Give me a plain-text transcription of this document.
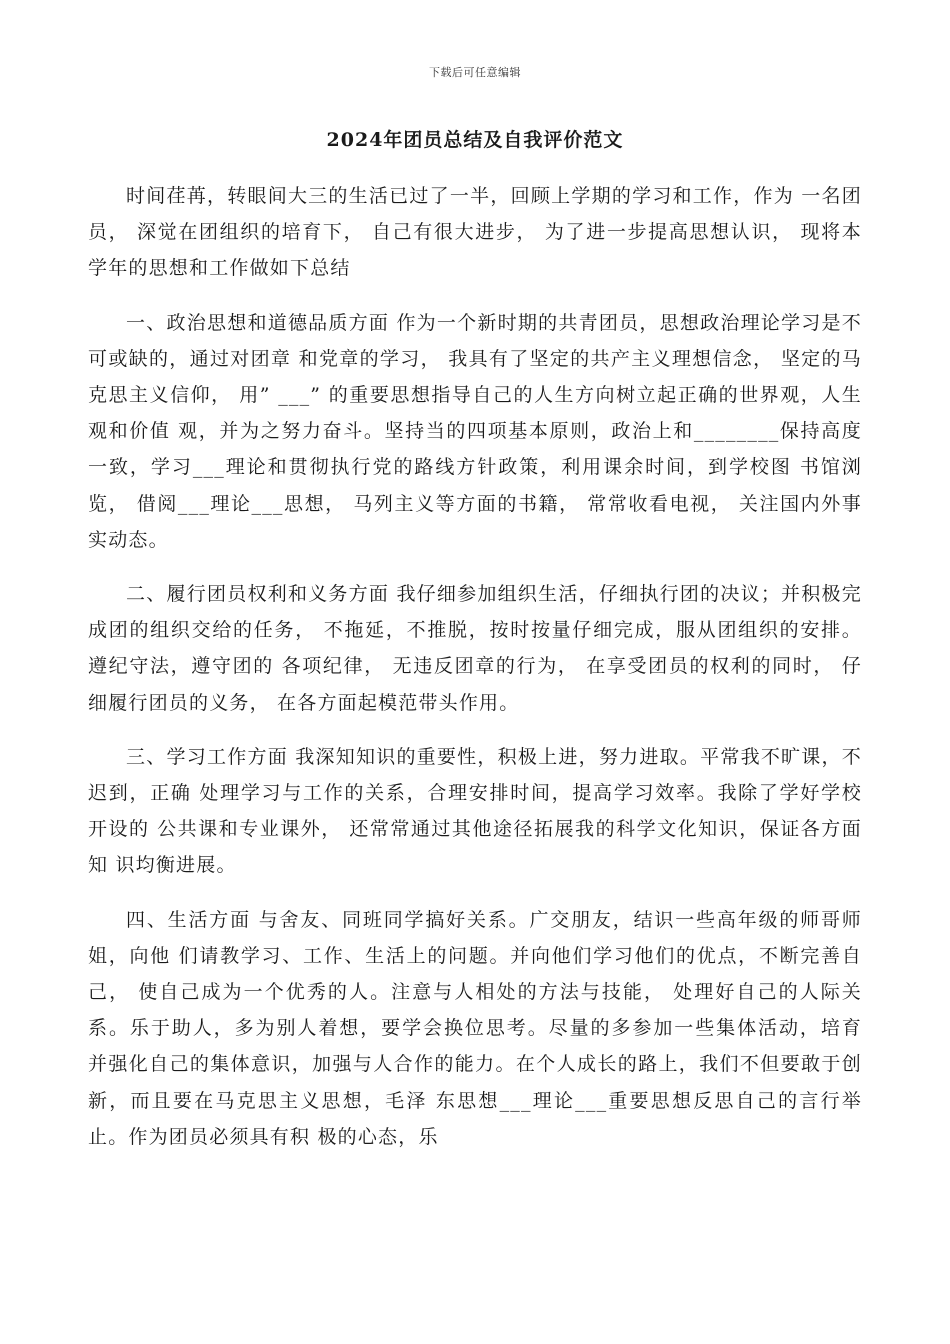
下载后可任意编辑
2024年团员总结及自我评价范文

时间荏苒，转眼间大三的生活已过了一半，回顾上学期的学习和工作，作为 一名团员， 深觉在团组织的培育下， 自己有很大进步， 为了进一步提高思想认识， 现将本学年的思想和工作做如下总结

一、政治思想和道德品质方面 作为一个新时期的共青团员，思想政治理论学习是不可或缺的，通过对团章 和党章的学习， 我具有了坚定的共产主义理想信念， 坚定的马克思主义信仰， 用” ___” 的重要思想指导自己的人生方向树立起正确的世界观，人生观和价值 观，并为之努力奋斗。坚持当的四项基本原则，政治上和________保持高度 一致，学习___理论和贯彻执行党的路线方针政策，利用课余时间，到学校图 书馆浏览， 借阅___理论___思想， 马列主义等方面的书籍， 常常收看电视， 关注国内外事实动态。

二、履行团员权利和义务方面 我仔细参加组织生活，仔细执行团的决议；并积极完成团的组织交给的任务， 不拖延，不推脱，按时按量仔细完成，服从团组织的安排。遵纪守法，遵守团的 各项纪律， 无违反团章的行为， 在享受团员的权利的同时， 仔细履行团员的义务， 在各方面起模范带头作用。

三、学习工作方面 我深知知识的重要性，积极上进，努力进取。平常我不旷课，不迟到，正确 处理学习与工作的关系，合理安排时间，提高学习效率。我除了学好学校开设的 公共课和专业课外， 还常常通过其他途径拓展我的科学文化知识，保证各方面知 识均衡进展。

四、生活方面 与舍友、同班同学搞好关系。广交朋友，结识一些高年级的师哥师姐，向他 们请教学习、工作、生活上的问题。并向他们学习他们的优点，不断完善自己， 使自己成为一个优秀的人。注意与人相处的方法与技能， 处理好自己的人际关系。乐于助人，多为别人着想，要学会换位思考。尽量的多参加一些集体活动，培育 并强化自己的集体意识，加强与人合作的能力。在个人成长的路上，我们不但要敢于创新，而且要在马克思主义思想，毛泽 东思想___理论___重要思想反思自己的言行举止。作为团员必须具有积 极的心态，乐
